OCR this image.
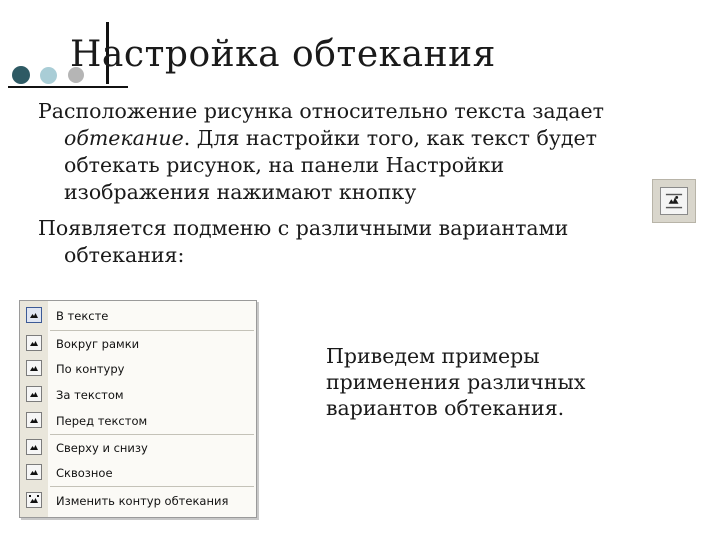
Настройка обтекания

Расположение рисунка относительно текста задает обтекание. Для настройки того, как текст будет обтекать рисунок, на панели Настройки изображения нажимают кнопку

Появляется подменю с различными вариантами обтекания:

В тексте
Вокруг рамки
По контуру
За текстом
Перед текстом
Сверху и снизу
Сквозное
Изменить контур обтекания

Приведем примеры применения различных вариантов обтекания.
